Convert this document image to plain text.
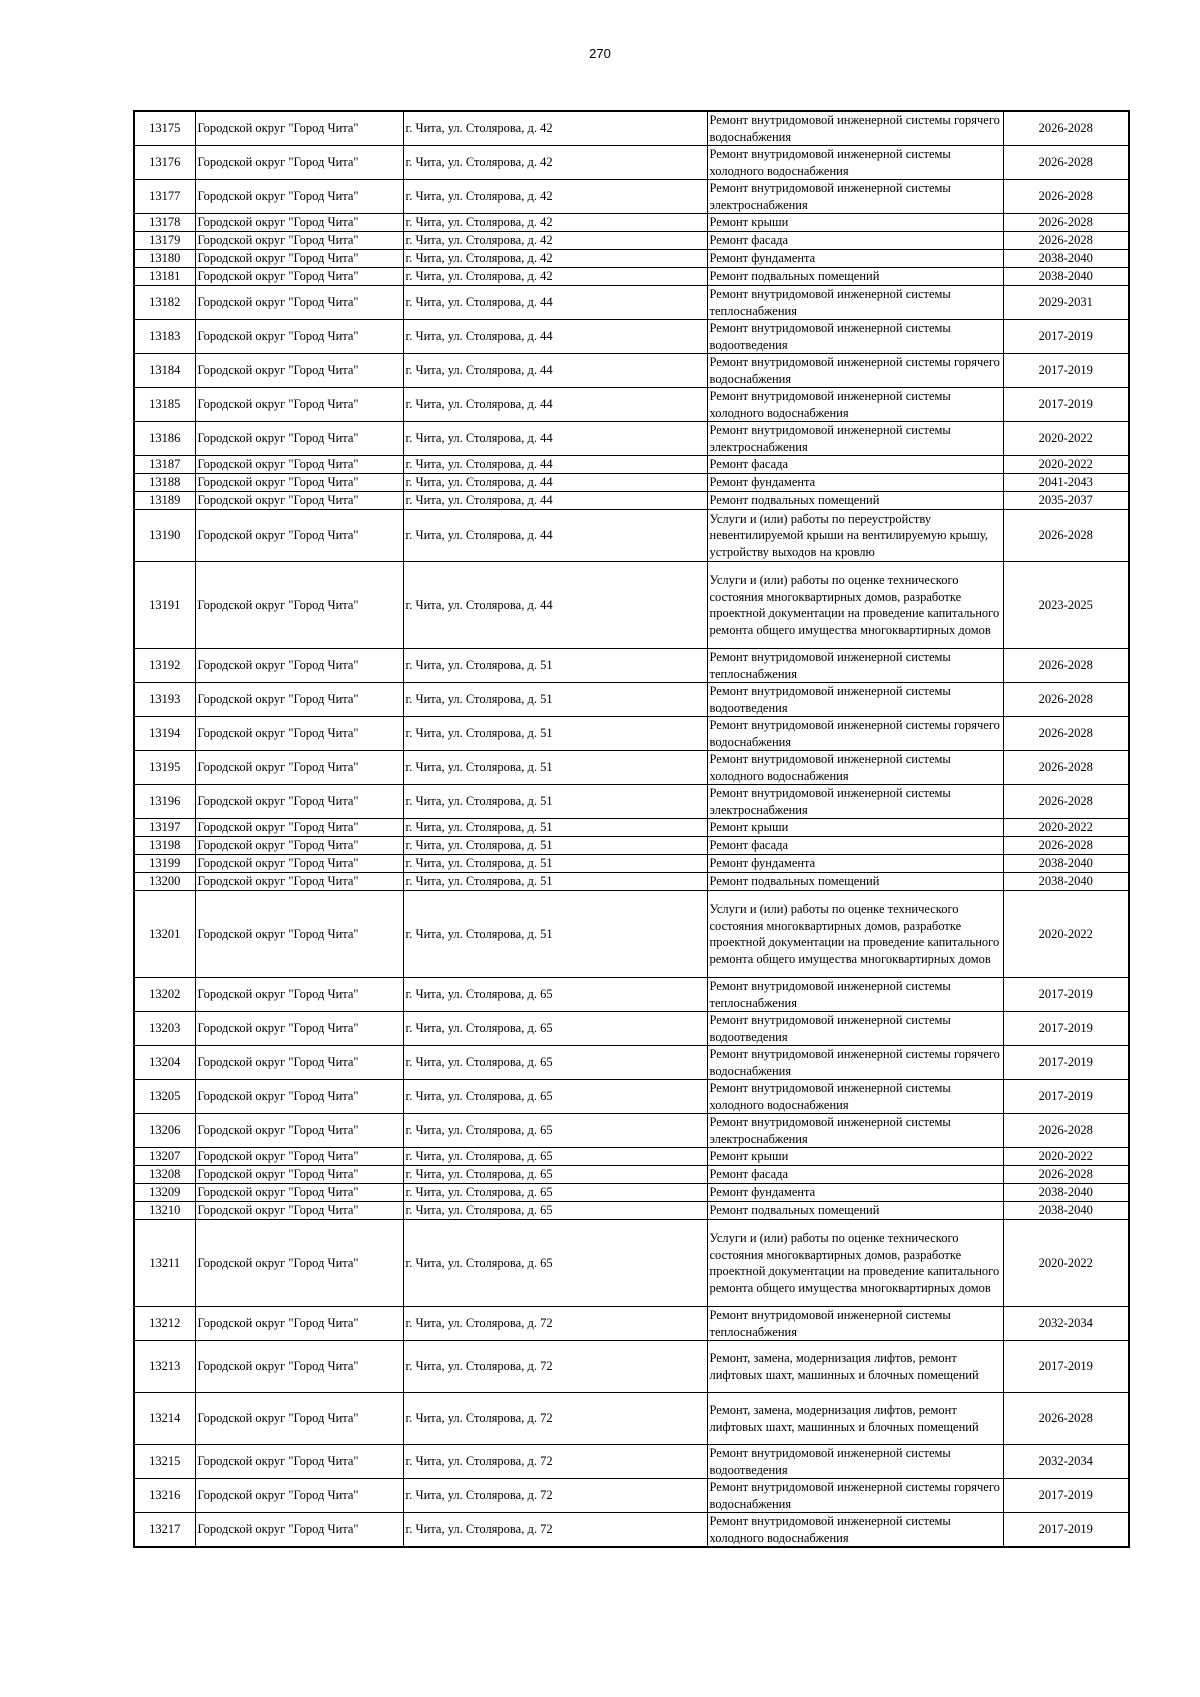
270
13175	Городской округ "Город Чита"	г. Чита, ул. Столярова, д. 42	Ремонт внутридомовой инженерной системы горячего водоснабжения	2026-2028
13176	Городской округ "Город Чита"	г. Чита, ул. Столярова, д. 42	Ремонт внутридомовой инженерной системы холодного водоснабжения	2026-2028
13177	Городской округ "Город Чита"	г. Чита, ул. Столярова, д. 42	Ремонт внутридомовой инженерной системы электроснабжения	2026-2028
13178	Городской округ "Город Чита"	г. Чита, ул. Столярова, д. 42	Ремонт крыши	2026-2028
13179	Городской округ "Город Чита"	г. Чита, ул. Столярова, д. 42	Ремонт фасада	2026-2028
13180	Городской округ "Город Чита"	г. Чита, ул. Столярова, д. 42	Ремонт фундамента	2038-2040
13181	Городской округ "Город Чита"	г. Чита, ул. Столярова, д. 42	Ремонт подвальных помещений	2038-2040
13182	Городской округ "Город Чита"	г. Чита, ул. Столярова, д. 44	Ремонт внутридомовой инженерной системы теплоснабжения	2029-2031
13183	Городской округ "Город Чита"	г. Чита, ул. Столярова, д. 44	Ремонт внутридомовой инженерной системы водоотведения	2017-2019
13184	Городской округ "Город Чита"	г. Чита, ул. Столярова, д. 44	Ремонт внутридомовой инженерной системы горячего водоснабжения	2017-2019
13185	Городской округ "Город Чита"	г. Чита, ул. Столярова, д. 44	Ремонт внутридомовой инженерной системы холодного водоснабжения	2017-2019
13186	Городской округ "Город Чита"	г. Чита, ул. Столярова, д. 44	Ремонт внутридомовой инженерной системы электроснабжения	2020-2022
13187	Городской округ "Город Чита"	г. Чита, ул. Столярова, д. 44	Ремонт фасада	2020-2022
13188	Городской округ "Город Чита"	г. Чита, ул. Столярова, д. 44	Ремонт фундамента	2041-2043
13189	Городской округ "Город Чита"	г. Чита, ул. Столярова, д. 44	Ремонт подвальных помещений	2035-2037
13190	Городской округ "Город Чита"	г. Чита, ул. Столярова, д. 44	Услуги и (или) работы по переустройству невентилируемой крыши на вентилируемую крышу, устройству выходов на кровлю	2026-2028
13191	Городской округ "Город Чита"	г. Чита, ул. Столярова, д. 44	Услуги и (или) работы по оценке технического состояния многоквартирных домов, разработке проектной документации на проведение капитального ремонта общего имущества многоквартирных домов	2023-2025
13192	Городской округ "Город Чита"	г. Чита, ул. Столярова, д. 51	Ремонт внутридомовой инженерной системы теплоснабжения	2026-2028
13193	Городской округ "Город Чита"	г. Чита, ул. Столярова, д. 51	Ремонт внутридомовой инженерной системы водоотведения	2026-2028
13194	Городской округ "Город Чита"	г. Чита, ул. Столярова, д. 51	Ремонт внутридомовой инженерной системы горячего водоснабжения	2026-2028
13195	Городской округ "Город Чита"	г. Чита, ул. Столярова, д. 51	Ремонт внутридомовой инженерной системы холодного водоснабжения	2026-2028
13196	Городской округ "Город Чита"	г. Чита, ул. Столярова, д. 51	Ремонт внутридомовой инженерной системы электроснабжения	2026-2028
13197	Городской округ "Город Чита"	г. Чита, ул. Столярова, д. 51	Ремонт крыши	2020-2022
13198	Городской округ "Город Чита"	г. Чита, ул. Столярова, д. 51	Ремонт фасада	2026-2028
13199	Городской округ "Город Чита"	г. Чита, ул. Столярова, д. 51	Ремонт фундамента	2038-2040
13200	Городской округ "Город Чита"	г. Чита, ул. Столярова, д. 51	Ремонт подвальных помещений	2038-2040
13201	Городской округ "Город Чита"	г. Чита, ул. Столярова, д. 51	Услуги и (или) работы по оценке технического состояния многоквартирных домов, разработке проектной документации на проведение капитального ремонта общего имущества многоквартирных домов	2020-2022
13202	Городской округ "Город Чита"	г. Чита, ул. Столярова, д. 65	Ремонт внутридомовой инженерной системы теплоснабжения	2017-2019
13203	Городской округ "Город Чита"	г. Чита, ул. Столярова, д. 65	Ремонт внутридомовой инженерной системы водоотведения	2017-2019
13204	Городской округ "Город Чита"	г. Чита, ул. Столярова, д. 65	Ремонт внутридомовой инженерной системы горячего водоснабжения	2017-2019
13205	Городской округ "Город Чита"	г. Чита, ул. Столярова, д. 65	Ремонт внутридомовой инженерной системы холодного водоснабжения	2017-2019
13206	Городской округ "Город Чита"	г. Чита, ул. Столярова, д. 65	Ремонт внутридомовой инженерной системы электроснабжения	2026-2028
13207	Городской округ "Город Чита"	г. Чита, ул. Столярова, д. 65	Ремонт крыши	2020-2022
13208	Городской округ "Город Чита"	г. Чита, ул. Столярова, д. 65	Ремонт фасада	2026-2028
13209	Городской округ "Город Чита"	г. Чита, ул. Столярова, д. 65	Ремонт фундамента	2038-2040
13210	Городской округ "Город Чита"	г. Чита, ул. Столярова, д. 65	Ремонт подвальных помещений	2038-2040
13211	Городской округ "Город Чита"	г. Чита, ул. Столярова, д. 65	Услуги и (или) работы по оценке технического состояния многоквартирных домов, разработке проектной документации на проведение капитального ремонта общего имущества многоквартирных домов	2020-2022
13212	Городской округ "Город Чита"	г. Чита, ул. Столярова, д. 72	Ремонт внутридомовой инженерной системы теплоснабжения	2032-2034
13213	Городской округ "Город Чита"	г. Чита, ул. Столярова, д. 72	Ремонт, замена, модернизация лифтов, ремонт лифтовых шахт, машинных и блочных помещений	2017-2019
13214	Городской округ "Город Чита"	г. Чита, ул. Столярова, д. 72	Ремонт, замена, модернизация лифтов, ремонт лифтовых шахт, машинных и блочных помещений	2026-2028
13215	Городской округ "Город Чита"	г. Чита, ул. Столярова, д. 72	Ремонт внутридомовой инженерной системы водоотведения	2032-2034
13216	Городской округ "Город Чита"	г. Чита, ул. Столярова, д. 72	Ремонт внутридомовой инженерной системы горячего водоснабжения	2017-2019
13217	Городской округ "Город Чита"	г. Чита, ул. Столярова, д. 72	Ремонт внутридомовой инженерной системы холодного водоснабжения	2017-2019
